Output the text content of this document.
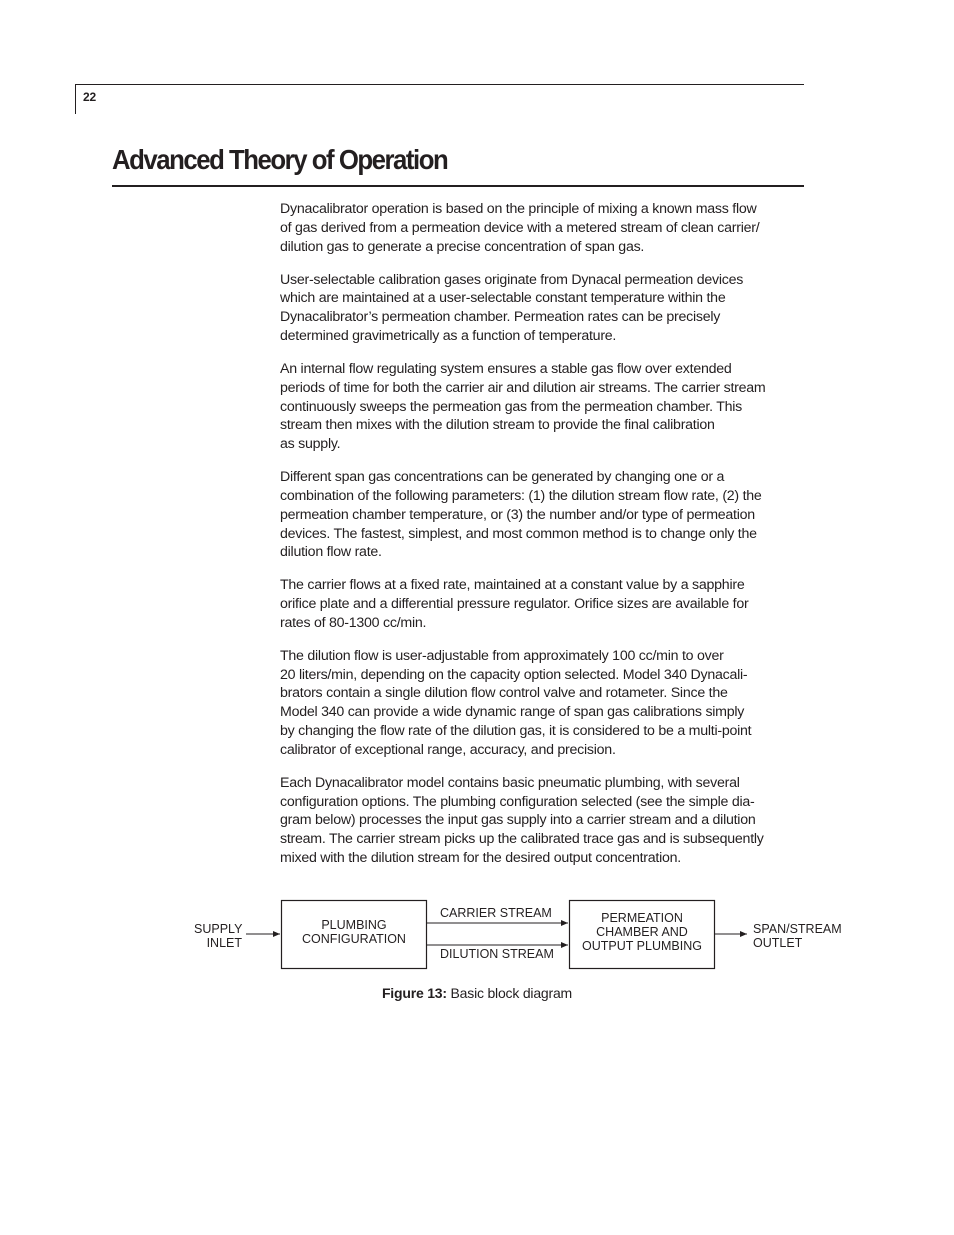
22
Advanced Theory of Operation

Dynacalibrator operation is based on the principle of mixing a known mass flow
of gas derived from a permeation device with a metered stream of clean carrier/
dilution gas to generate a precise concentration of span gas.

User-selectable calibration gases originate from Dynacal permeation devices
which are maintained at a user-selectable constant temperature within the
Dynacalibrator’s permeation chamber. Permeation rates can be precisely
determined gravimetrically as a function of temperature.

An internal flow regulating system ensures a stable gas flow over extended
periods of time for both the carrier air and dilution air streams. The carrier stream
continuously sweeps the permeation gas from the permeation chamber. This
stream then mixes with the dilution stream to provide the final calibration
as supply.

Different span gas concentrations can be generated by changing one or a
combination of the following parameters: (1) the dilution stream flow rate, (2) the
permeation chamber temperature, or (3) the number and/or type of permeation
devices. The fastest, simplest, and most common method is to change only the
dilution flow rate.

The carrier flows at a fixed rate, maintained at a constant value by a sapphire
orifice plate and a differential pressure regulator. Orifice sizes are available for
rates of 80-1300 cc/min.

The dilution flow is user-adjustable from approximately 100 cc/min to over
20 liters/min, depending on the capacity option selected. Model 340 Dynacali-
brators contain a single dilution flow control valve and rotameter. Since the
Model 340 can provide a wide dynamic range of span gas calibrations simply
by changing the flow rate of the dilution gas, it is considered to be a multi-point
calibrator of exceptional range, accuracy, and precision.

Each Dynacalibrator model contains basic pneumatic plumbing, with several
configuration options. The plumbing configuration selected (see the simple dia-
gram below) processes the input gas supply into a carrier stream and a dilution
stream. The carrier stream picks up the calibrated trace gas and is subsequently
mixed with the dilution stream for the desired output concentration.

SUPPLY
INLET
PLUMBING
CONFIGURATION
CARRIER STREAM
DILUTION STREAM
PERMEATION
CHAMBER AND
OUTPUT PLUMBING
SPAN/STREAM
OUTLET
Figure 13: Basic block diagram
